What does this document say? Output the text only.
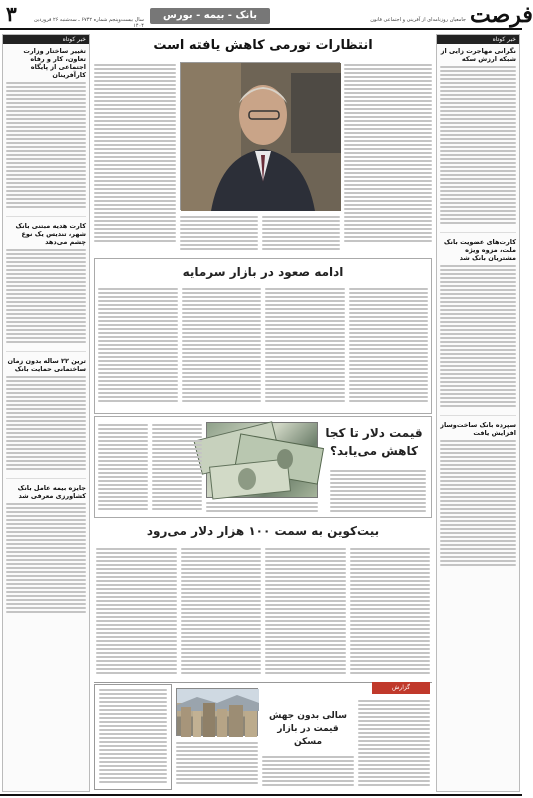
۳	بانک - بیمه - بورس
سال بیست‌وپنجم شماره ۶۷۴۲ ـ سه‌شنبه ۲۶ فروردین ۱۴۰۴
جامعیان روزنامه‌ای از آفرینی و اجتماعی قانون فرصت
خبر کوتاه
نگرانی مهاجرت زایی از شبکه ارزش سکه
کارت‌های عضویت بانک ملت، مزوه ویژه مشتریان بانک شد
سپرده بانک ساخت‌وساز افزایش یافت
خبر کوتاه
تغییر ساختار وزارت تعاون، کار و رفاه اجتماعی از پایگاه کارآفرینان
کارت هدیه مبتنی بانک شهر، تندیس یک نوع چشم می‌دهد
ترین ۲۲ ساله بدون زمان ساختمانی حمایت بانک
جایزه بیمه عامل بانک کشاورزی معرفی شد
انتظارات تورمی کاهش یافته است
ادامه صعود در بازار سرمایه
قیمت دلار تا کجا کاهش می‌یابد؟
بیت‌کوین به سمت ۱۰۰ هزار دلار می‌رود
گزارش
سالی بدون جهش قیمت در بازار مسکن
